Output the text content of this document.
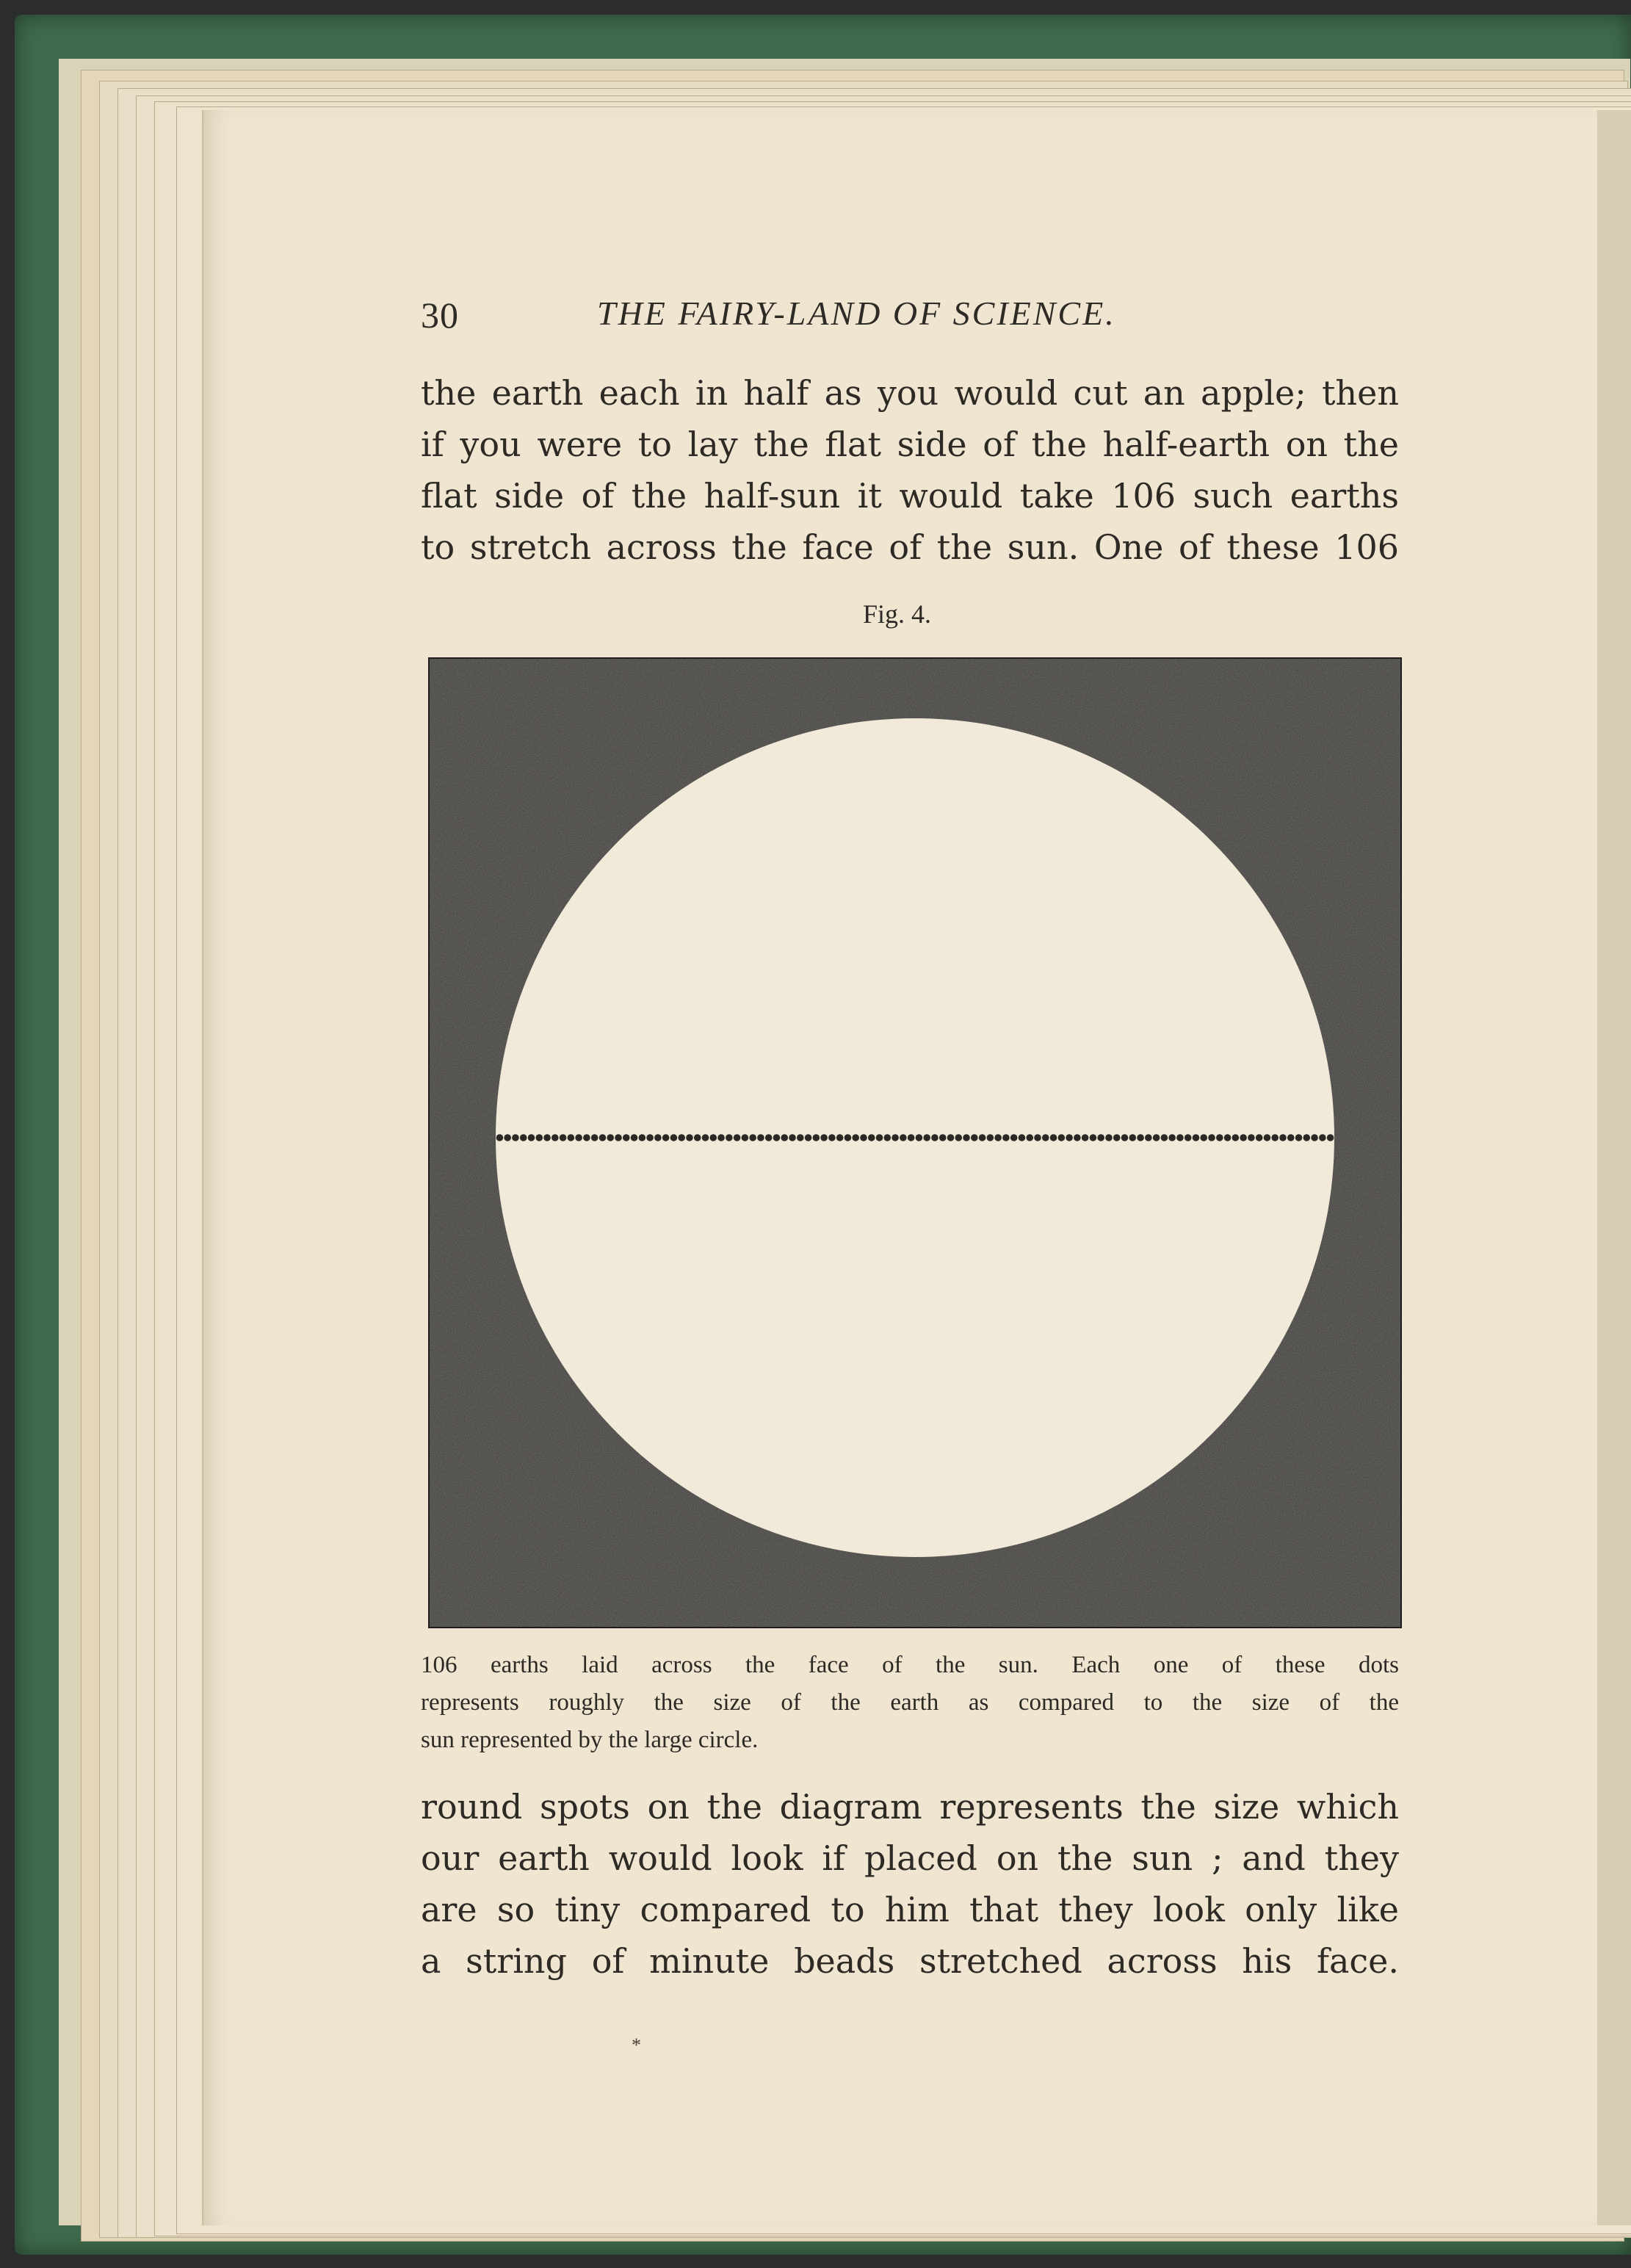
30	THE FAIRY-LAND OF SCIENCE.
the earth each in half as you would cut an apple; then
if you were to lay the flat side of the half-earth on the
flat side of the half-sun it would take 106 such earths
to stretch across the face of the sun. One of these 106
Fig. 4.
106 earths laid across the face of the sun. Each one of these dots
represents roughly the size of the earth as compared to the size of the
sun represented by the large circle.
round spots on the diagram represents the size which
our earth would look if placed on the sun ; and they
are so tiny compared to him that they look only like
a string of minute beads stretched across his face.
*
